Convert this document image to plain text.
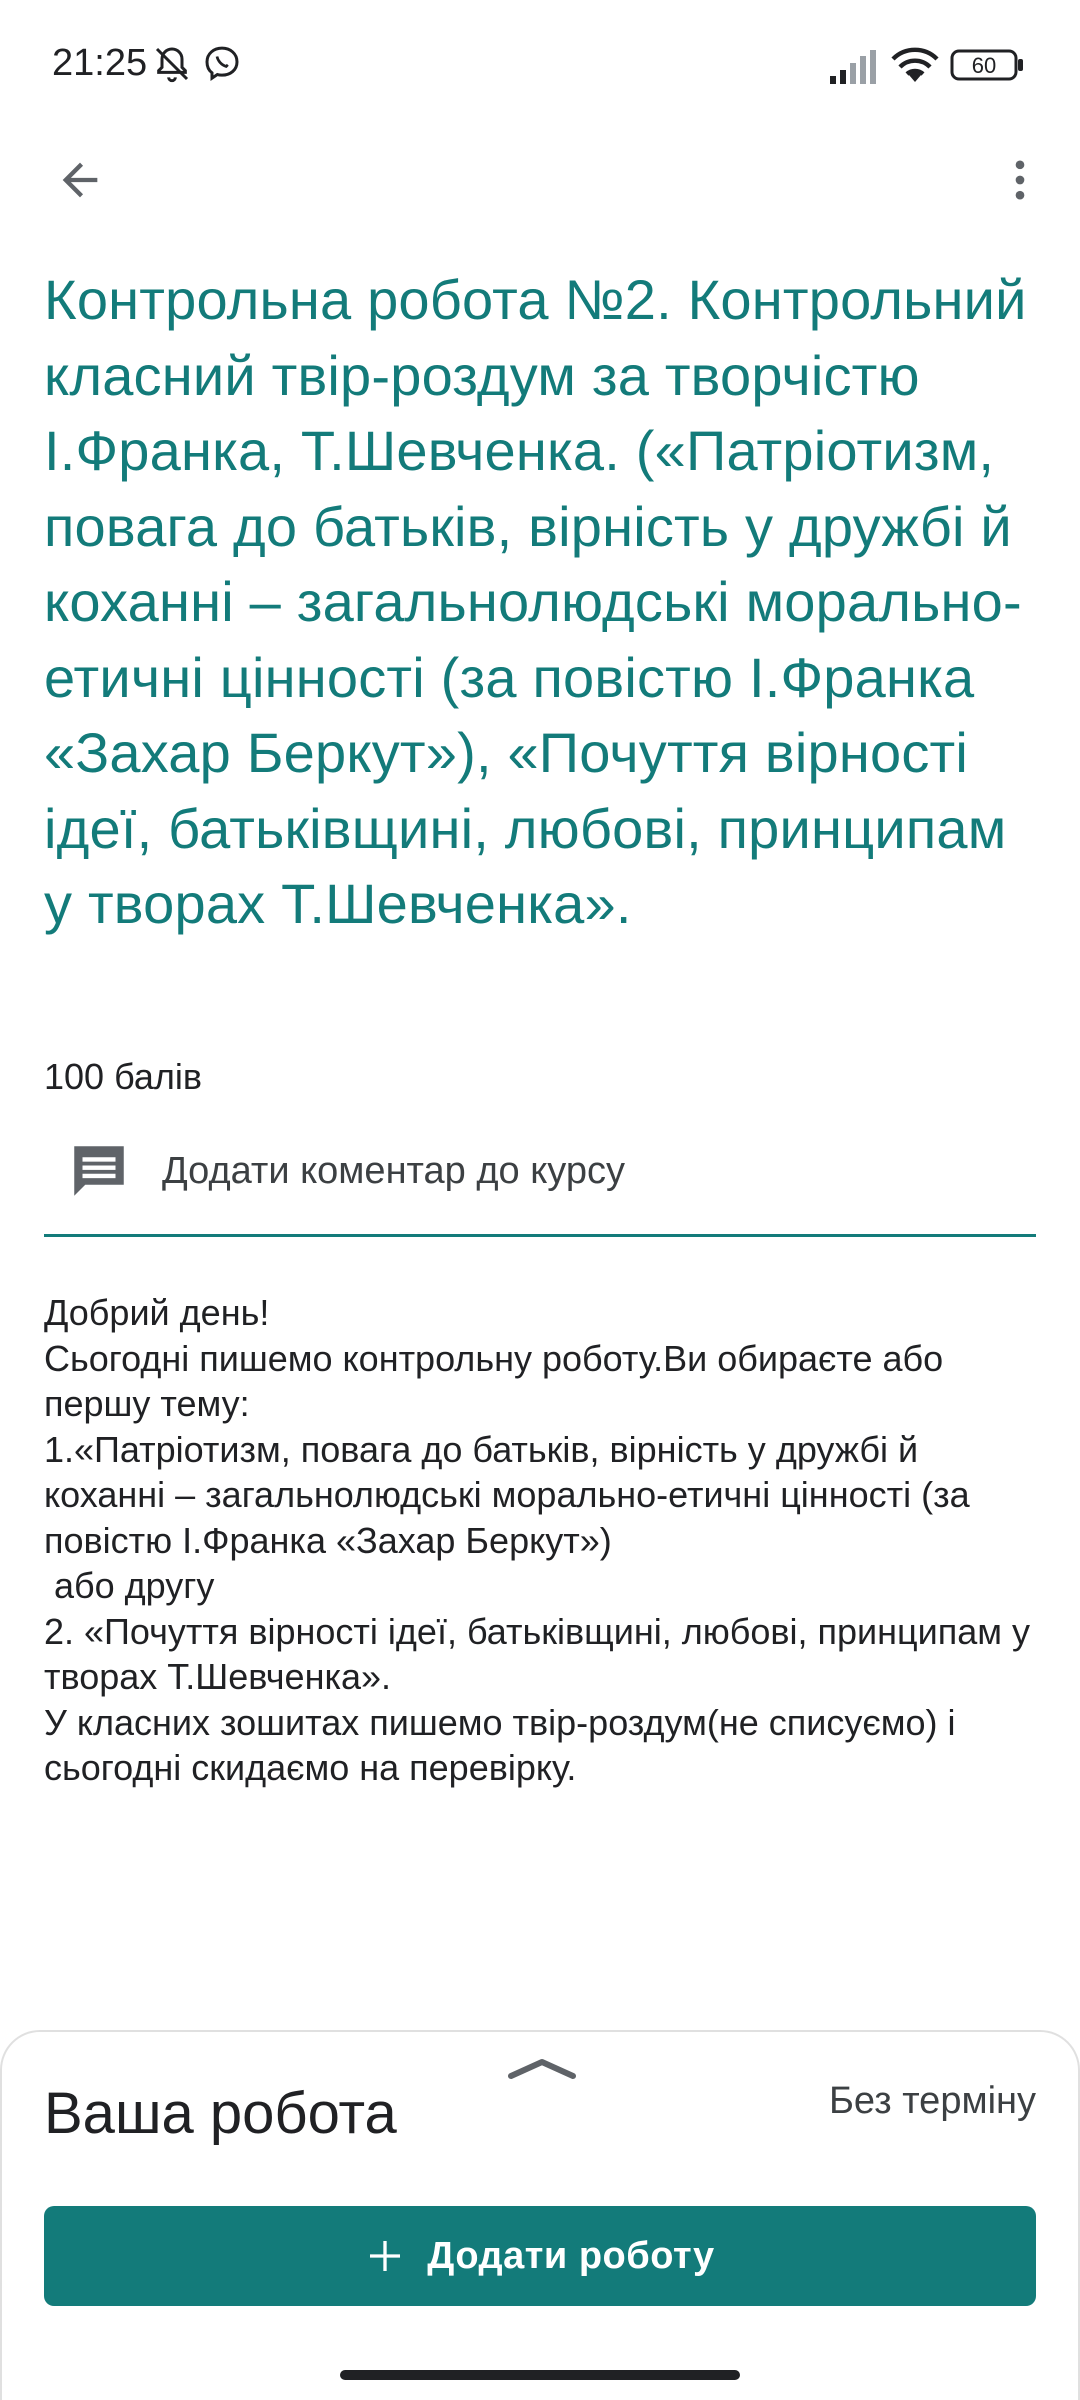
21:25	60
Контрольна робота №2. Контрольний класний твір-роздум за творчістю І.Франка, Т.Шевченка. («Патріотизм, повага до батьків, вірність у дружбі й коханні – загальнолюдські морально-етичні цінності (за повістю І.Франка «Захар Беркут»), «Почуття вірності ідеї, батьківщині, любові, принципам у творах Т.Шевченка».
100 балів
Додати коментар до курсу
Добрий день!
Сьогодні пишемо контрольну роботу.Ви обираєте або першу тему:
1.«Патріотизм, повага до батьків, вірність у дружбі й коханні – загальнолюдські морально-етичні цінності (за повістю І.Франка «Захар Беркут»)
або другу
2. «Почуття вірності ідеї, батьківщині, любові, принципам у творах Т.Шевченка».
У класних зошитах пишемо твір-роздум(не списуємо) і сьогодні скидаємо на перевірку.
Ваша робота	Без терміну
Додати роботу
